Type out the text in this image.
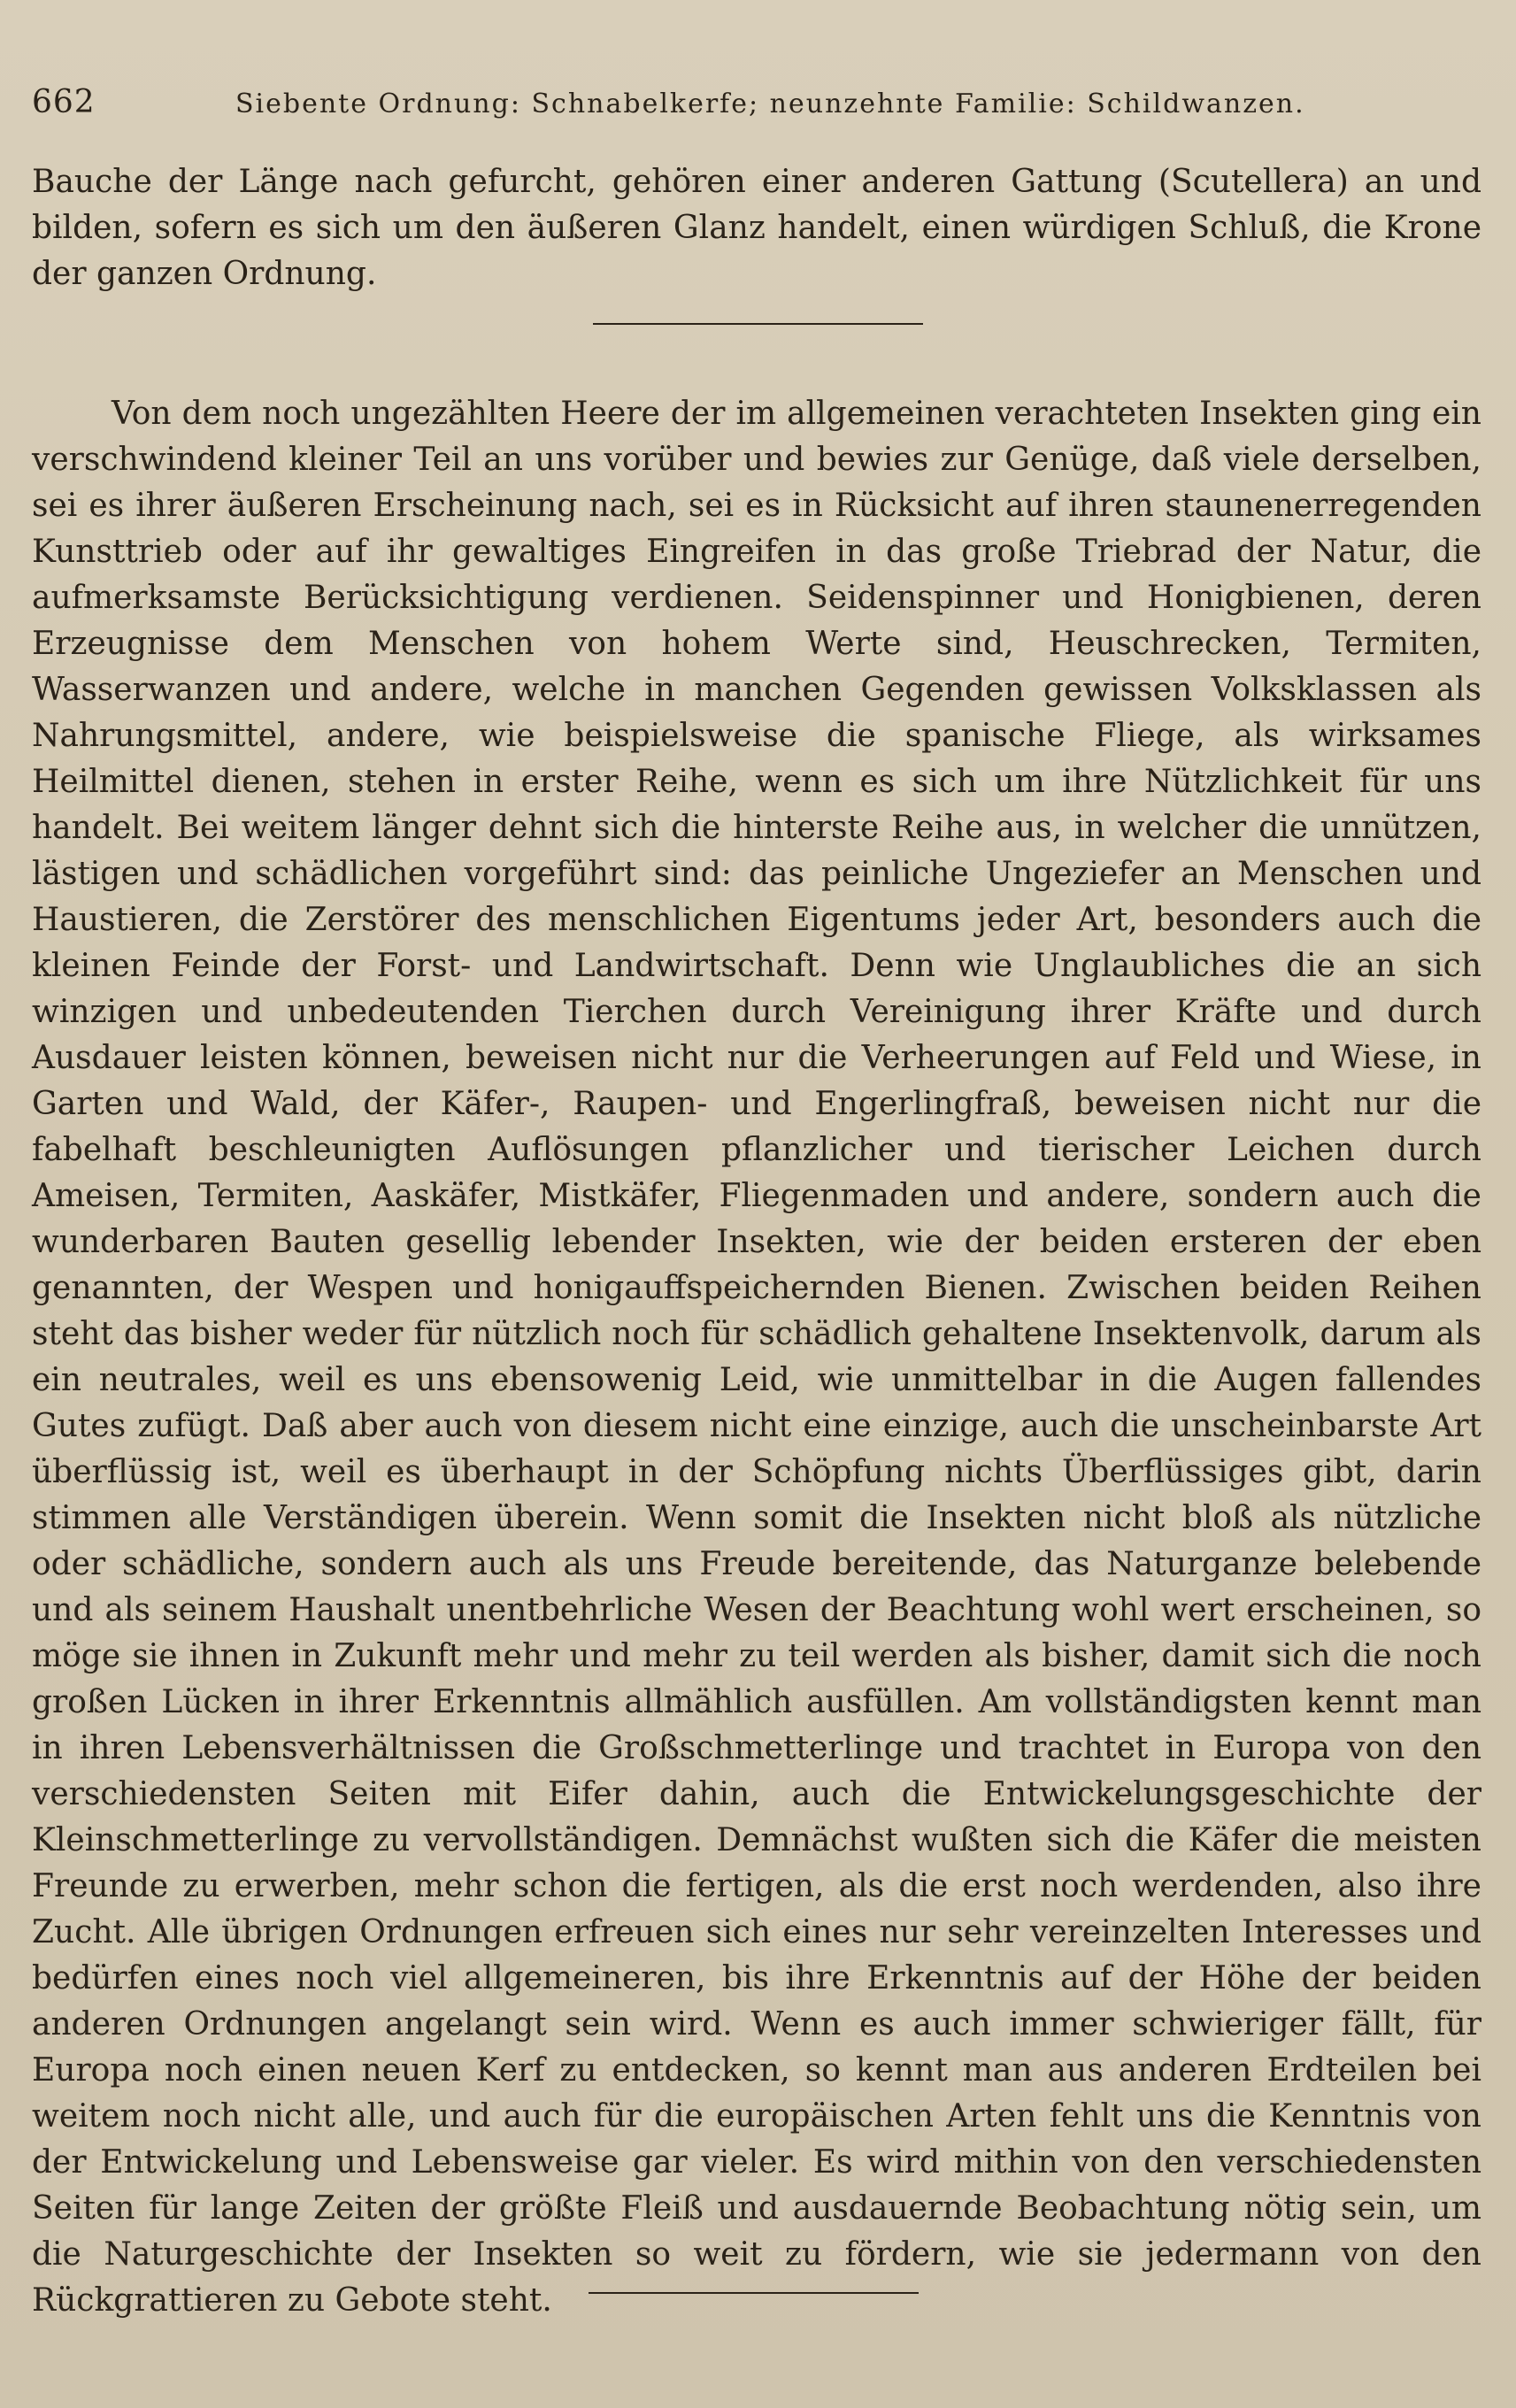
662	Siebente Ordnung: Schnabelkerfe; neunzehnte Familie: Schildwanzen.

Bauche der Länge nach gefurcht, gehören einer anderen Gattung (Scutellera) an und bilden, sofern es sich um den äußeren Glanz handelt, einen würdigen Schluß, die Krone der ganzen Ordnung.

Von dem noch ungezählten Heere der im allgemeinen verachteten Insekten ging ein verschwindend kleiner Teil an uns vorüber und bewies zur Genüge, daß viele derselben, sei es ihrer äußeren Erscheinung nach, sei es in Rücksicht auf ihren staunenerregenden Kunsttrieb oder auf ihr gewaltiges Eingreifen in das große Triebrad der Natur, die aufmerksamste Berücksichtigung verdienen. Seidenspinner und Honigbienen, deren Erzeugnisse dem Menschen von hohem Werte sind, Heuschrecken, Termiten, Wasserwanzen und andere, welche in manchen Gegenden gewissen Volksklassen als Nahrungsmittel, andere, wie beispielsweise die spanische Fliege, als wirksames Heilmittel dienen, stehen in erster Reihe, wenn es sich um ihre Nützlichkeit für uns handelt. Bei weitem länger dehnt sich die hinterste Reihe aus, in welcher die unnützen, lästigen und schädlichen vorgeführt sind: das peinliche Ungeziefer an Menschen und Haustieren, die Zerstörer des menschlichen Eigentums jeder Art, besonders auch die kleinen Feinde der Forst- und Landwirtschaft. Denn wie Unglaubliches die an sich winzigen und unbedeutenden Tierchen durch Vereinigung ihrer Kräfte und durch Ausdauer leisten können, beweisen nicht nur die Verheerungen auf Feld und Wiese, in Garten und Wald, der Käfer-, Raupen- und Engerlingfraß, beweisen nicht nur die fabelhaft beschleunigten Auflösungen pflanzlicher und tierischer Leichen durch Ameisen, Termiten, Aaskäfer, Mistkäfer, Fliegenmaden und andere, sondern auch die wunderbaren Bauten gesellig lebender Insekten, wie der beiden ersteren der eben genannten, der Wespen und honigauffspeichernden Bienen. Zwischen beiden Reihen steht das bisher weder für nützlich noch für schädlich gehaltene Insektenvolk, darum als ein neutrales, weil es uns ebensowenig Leid, wie unmittelbar in die Augen fallendes Gutes zufügt. Daß aber auch von diesem nicht eine einzige, auch die unscheinbarste Art überflüssig ist, weil es überhaupt in der Schöpfung nichts Überflüssiges gibt, darin stimmen alle Verständigen überein. Wenn somit die Insekten nicht bloß als nützliche oder schädliche, sondern auch als uns Freude bereitende, das Naturganze belebende und als seinem Haushalt unentbehrliche Wesen der Beachtung wohl wert erscheinen, so möge sie ihnen in Zukunft mehr und mehr zu teil werden als bisher, damit sich die noch großen Lücken in ihrer Erkenntnis allmählich ausfüllen. Am vollständigsten kennt man in ihren Lebensverhältnissen die Großschmetterlinge und trachtet in Europa von den verschiedensten Seiten mit Eifer dahin, auch die Entwickelungsgeschichte der Kleinschmetterlinge zu vervollständigen. Demnächst wußten sich die Käfer die meisten Freunde zu erwerben, mehr schon die fertigen, als die erst noch werdenden, also ihre Zucht. Alle übrigen Ordnungen erfreuen sich eines nur sehr vereinzelten Interesses und bedürfen eines noch viel allgemeineren, bis ihre Erkenntnis auf der Höhe der beiden anderen Ordnungen angelangt sein wird. Wenn es auch immer schwieriger fällt, für Europa noch einen neuen Kerf zu entdecken, so kennt man aus anderen Erdteilen bei weitem noch nicht alle, und auch für die europäischen Arten fehlt uns die Kenntnis von der Entwickelung und Lebensweise gar vieler. Es wird mithin von den verschiedensten Seiten für lange Zeiten der größte Fleiß und ausdauernde Beobachtung nötig sein, um die Naturgeschichte der Insekten so weit zu fördern, wie sie jedermann von den Rückgrattieren zu Gebote steht.
